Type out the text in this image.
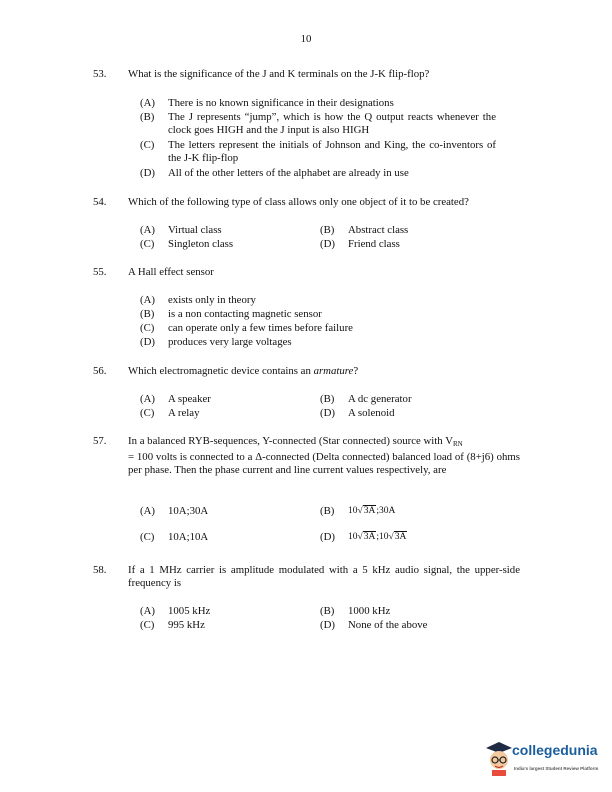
10
53. What is the significance of the J and K terminals on the J-K flip-flop?
(A) There is no known significance in their designations
(B) The J represents “jump”, which is how the Q output reacts whenever the clock goes HIGH and the J input is also HIGH
(C) The letters represent the initials of Johnson and King, the co-inventors of the J-K flip-flop
(D) All of the other letters of the alphabet are already in use
54. Which of the following type of class allows only one object of it to be created?
(A) Virtual class	(B) Abstract class
(C) Singleton class	(D) Friend class
55. A Hall effect sensor
(A) exists only in theory
(B) is a non contacting magnetic sensor
(C) can operate only a few times before failure
(D) produces very large voltages
56. Which electromagnetic device contains an armature?
(A) A speaker	(B) A dc generator
(C) A relay	(D) A solenoid
57. In a balanced RYB-sequences, Y-connected (Star connected) source with $V_{RN}$
= 100 volts is connected to a Δ-connected (Delta connected) balanced load of (8+j6) ohms per phase. Then the phase current and line current values respectively, are
(A) 10A;30A	(B) 10√3A;30A
(C) 10A;10A	(D) 10√3A;10√3A
58. If a 1 MHz carrier is amplitude modulated with a 5 kHz audio signal, the upper-side frequency is
(A) 1005 kHz	(B) 1000 kHz
(C) 995 kHz	(D) None of the above
collegedunia
India's largest Student Review Platform
